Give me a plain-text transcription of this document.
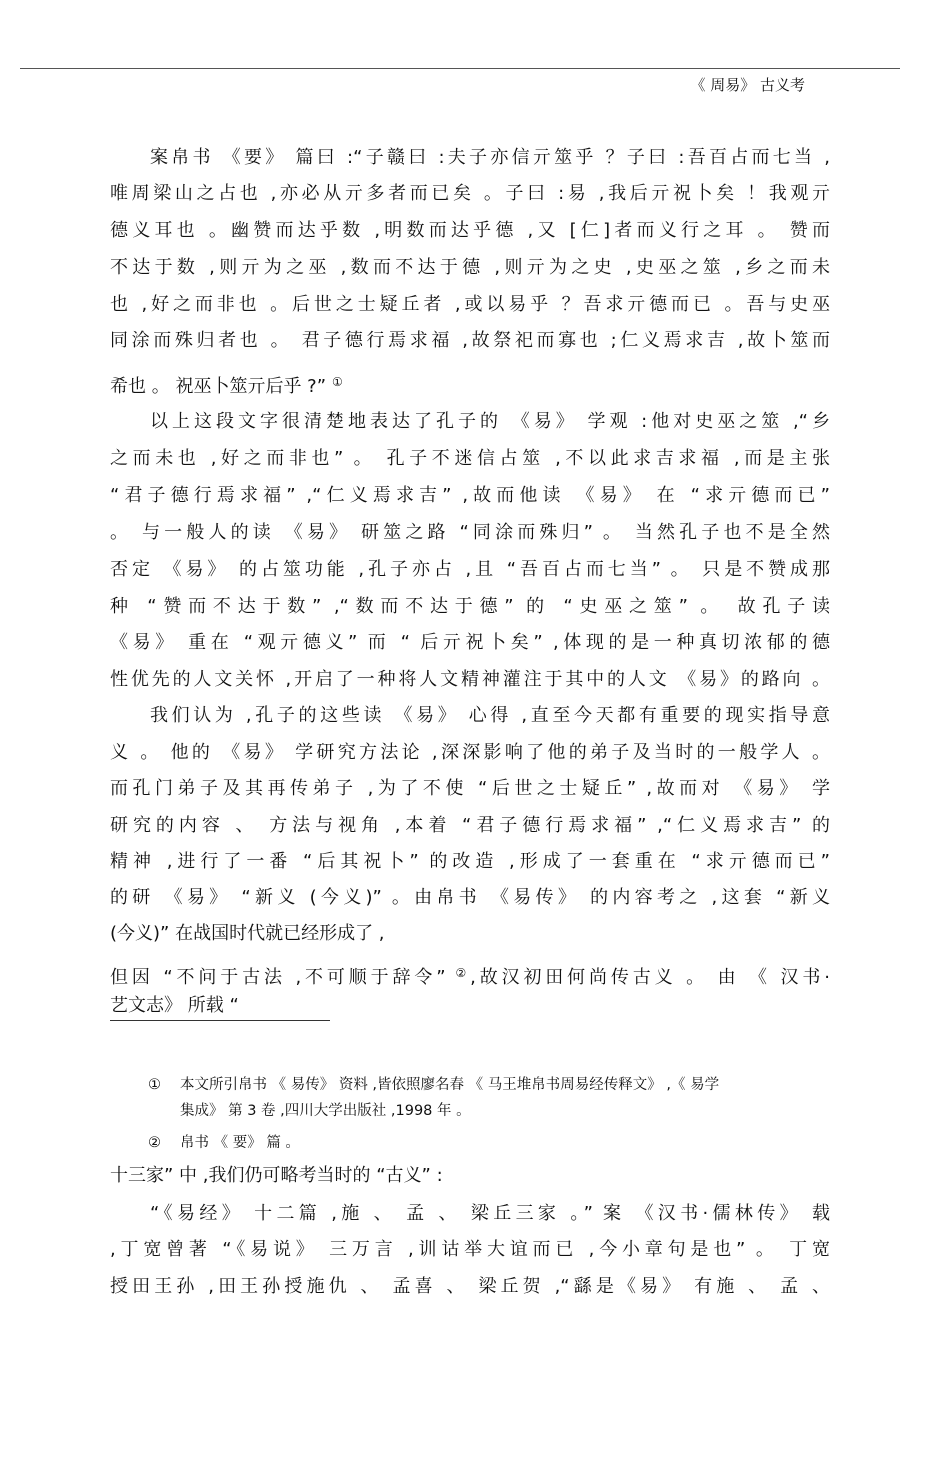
《 周易》 古义考
案帛书 《要》 篇曰 :“子赣曰 :夫子亦信亓筮乎 ？子曰 :吾百占而七当 ,
唯周梁山之占也 ,亦必从亓多者而已矣 。子曰 :易 ,我后亓祝卜矣 ！我观亓
德义耳也 。幽赞而达乎数 ,明数而达乎德 ,又 [仁]者而义行之耳 。 赞而
不达于数 ,则亓为之巫 ,数而不达于德 ,则亓为之史 ,史巫之筮 ,乡之而未
也 ,好之而非也 。后世之士疑丘者 ,或以易乎 ？吾求亓德而已 。吾与史巫
同涂而殊归者也 。 君子德行焉求福 ,故祭祀而寡也 ;仁义焉求吉 ,故卜筮而
希也 。 祝巫卜筮亓后乎 ?” ①
以上这段文字很清楚地表达了孔子的 《易》 学观 :他对史巫之筮 ,“乡
之而未也 ,好之而非也” 。 孔子不迷信占筮 ,不以此求吉求福 ,而是主张
“君子德行焉求福” ,“仁义焉求吉” ,故而他读 《易》 在 “求亓德而已”
。 与一般人的读 《易》 研筮之路 “同涂而殊归” 。 当然孔子也不是全然
否定 《易》 的占筮功能 ,孔子亦占 ,且 “吾百占而七当” 。 只是不赞成那
种 “赞而不达于数” ,“数而不达于德” 的 “史巫之筮” 。 故孔子读
《易》 重在 “观亓德义” 而 “ 后亓祝卜矣” ,体现的是一种真切浓郁的德
性优先的人文关怀 ,开启了一种将人文精神灌注于其中的人文 《易》的路向 。
我们认为 ,孔子的这些读 《易》 心得 ,直至今天都有重要的现实指导意
义 。 他的 《易》 学研究方法论 ,深深影响了他的弟子及当时的一般学人 。
而孔门弟子及其再传弟子 ,为了不使 “后世之士疑丘” ,故而对 《易》 学
研究的内容 、 方法与视角 ,本着 “君子德行焉求福” ,“仁义焉求吉” 的
精神 ,进行了一番 “后其祝卜” 的改造 ,形成了一套重在 “求亓德而已”
的研 《易》 “新义 (今义)” 。由帛书 《易传》 的内容考之 ,这套 “新义
(今义)” 在战国时代就已经形成了 ,
但因 “不问于古法 ,不可顺于辞令” ②,故汉初田何尚传古义 。 由 《 汉书·
艺文志》 所载 “
① 本文所引帛书 《 易传》 资料 ,皆依照廖名春 《 马王堆帛书周易经传释文》 ,《 易学
集成》 第 3 卷 ,四川大学出版社 ,1998 年 。
② 帛书 《 要》 篇 。
十三家” 中 ,我们仍可略考当时的 “古义” :
“《易经》 十二篇 ,施 、 孟 、 梁丘三家 。” 案 《汉书·儒林传》 载
,丁宽曾著 “《易说》 三万言 ,训诂举大谊而已 ,今小章句是也” 。 丁宽
授田王孙 ,田王孙授施仇 、 孟喜 、 梁丘贺 ,“繇是《易》 有施 、 孟 、
